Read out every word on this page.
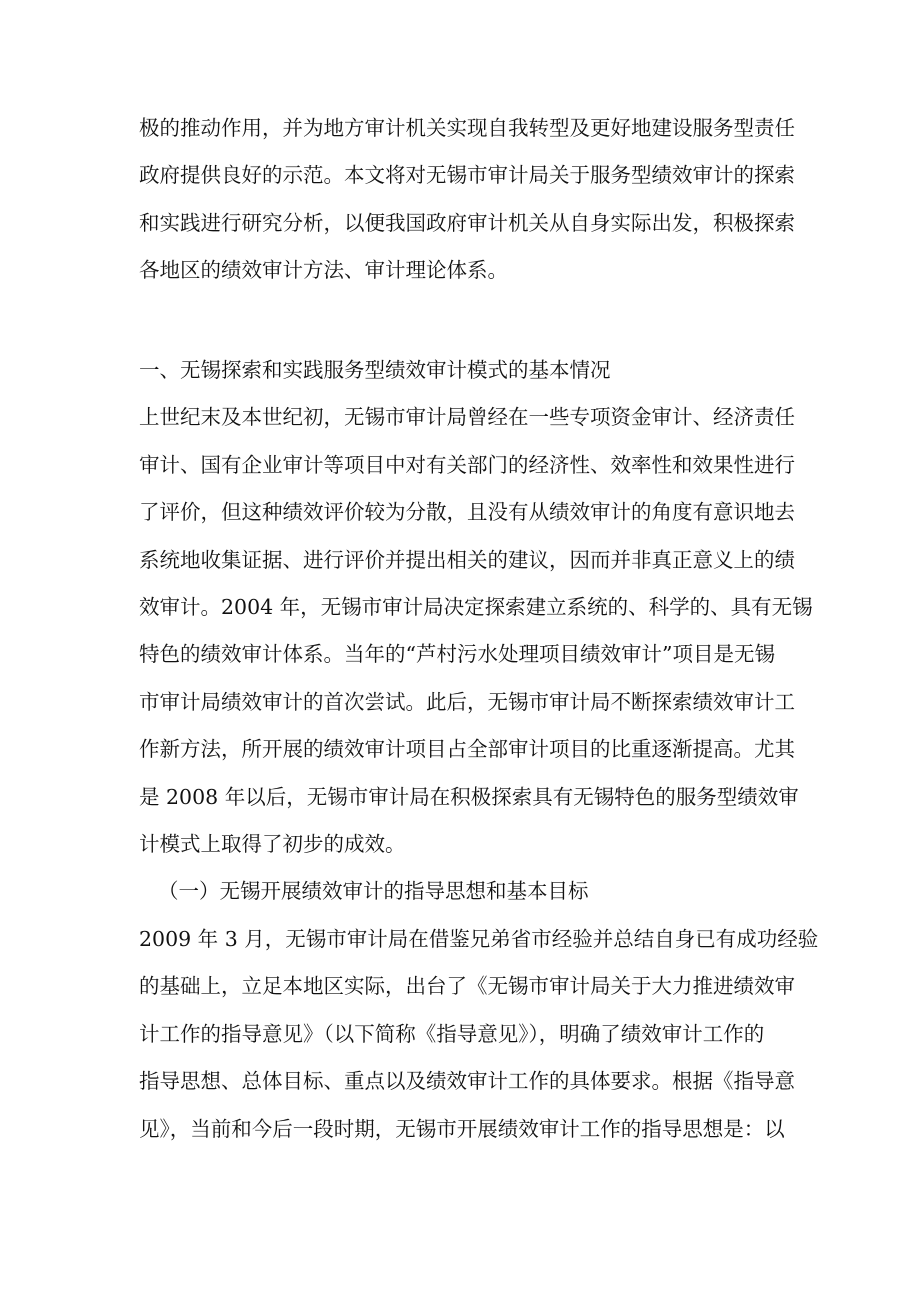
极的推动作用，并为地方审计机关实现自我转型及更好地建设服务型责任
政府提供良好的示范。本文将对无锡市审计局关于服务型绩效审计的探索
和实践进行研究分析，以便我国政府审计机关从自身实际出发，积极探索
各地区的绩效审计方法、审计理论体系。
一、无锡探索和实践服务型绩效审计模式的基本情况
上世纪末及本世纪初，无锡市审计局曾经在一些专项资金审计、经济责任
审计、国有企业审计等项目中对有关部门的经济性、效率性和效果性进行
了评价，但这种绩效评价较为分散，且没有从绩效审计的角度有意识地去
系统地收集证据、进行评价并提出相关的建议，因而并非真正意义上的绩
效审计。2004 年，无锡市审计局决定探索建立系统的、科学的、具有无锡
特色的绩效审计体系。当年的“芦村污水处理项目绩效审计”项目是无锡
市审计局绩效审计的首次尝试。此后，无锡市审计局不断探索绩效审计工
作新方法，所开展的绩效审计项目占全部审计项目的比重逐渐提高。尤其
是 2008 年以后，无锡市审计局在积极探索具有无锡特色的服务型绩效审
计模式上取得了初步的成效。
（一）无锡开展绩效审计的指导思想和基本目标
2009 年 3 月，无锡市审计局在借鉴兄弟省市经验并总结自身已有成功经验
的基础上，立足本地区实际，出台了《无锡市审计局关于大力推进绩效审
计工作的指导意见》（以下简称《指导意见》），明确了绩效审计工作的
指导思想、总体目标、重点以及绩效审计工作的具体要求。根据《指导意
见》，当前和今后一段时期，无锡市开展绩效审计工作的指导思想是：以
